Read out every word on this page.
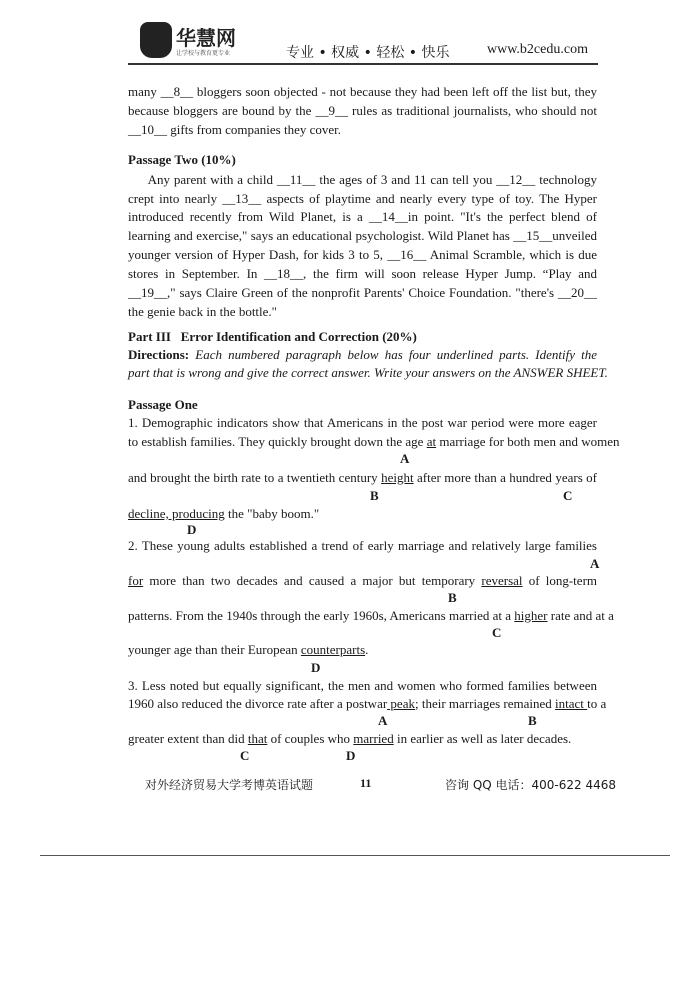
华慧网
让学校与教育更专业	专业 • 权威 • 轻松 • 快乐	www.b2cedu.com
many __8__ bloggers soon objected - not because they had been left off the list but, they
because bloggers are bound by the __9__ rules as traditional journalists, who should not
__10__ gifts from companies they cover.
Passage Two (10%)
Any parent with a child __11__ the ages of 3 and 11 can tell you __12__ technology
crept into nearly __13__ aspects of playtime and nearly every type of toy. The Hyper
introduced recently from Wild Planet, is a __14__in point. "It's the perfect blend of
learning and exercise," says an educational psychologist. Wild Planet has __15__unveiled
younger version of Hyper Dash, for kids 3 to 5, __16__ Animal Scramble, which is due
stores in September. In __18__, the firm will soon release Hyper Jump. “Play and
__19__," says Claire Green of the nonprofit Parents' Choice Foundation. "there's __20__
the genie back in the bottle."
Part III   Error Identification and Correction (20%)
Directions: Each numbered paragraph below has four underlined parts. Identify the
part that is wrong and give the correct answer. Write your answers on the ANSWER SHEET.
Passage One
1. Demographic indicators show that Americans in the post war period were more eager
to establish families. They quickly brought down the age at marriage for both men and women
and brought the birth rate to a twentieth century height after more than a hundred years of
decline, producing the "baby boom."
2. These young adults established a trend of early marriage and relatively large families
for more than two decades and caused a major but temporary reversal of long-term
patterns. From the 1940s through the early 1960s, Americans married at a higher rate and at a
younger age than their European counterparts.
3. Less noted but equally significant, the men and women who formed families between
1960 also reduced the divorce rate after a postwar peak; their marriages remained intact to a
greater extent than did that of couples who married in earlier as well as later decades.
A
B	C
D
A
B
C
D
A	B
C	D
对外经济贸易大学考博英语试题	11	咨询 QQ 电话：400-622 4468
